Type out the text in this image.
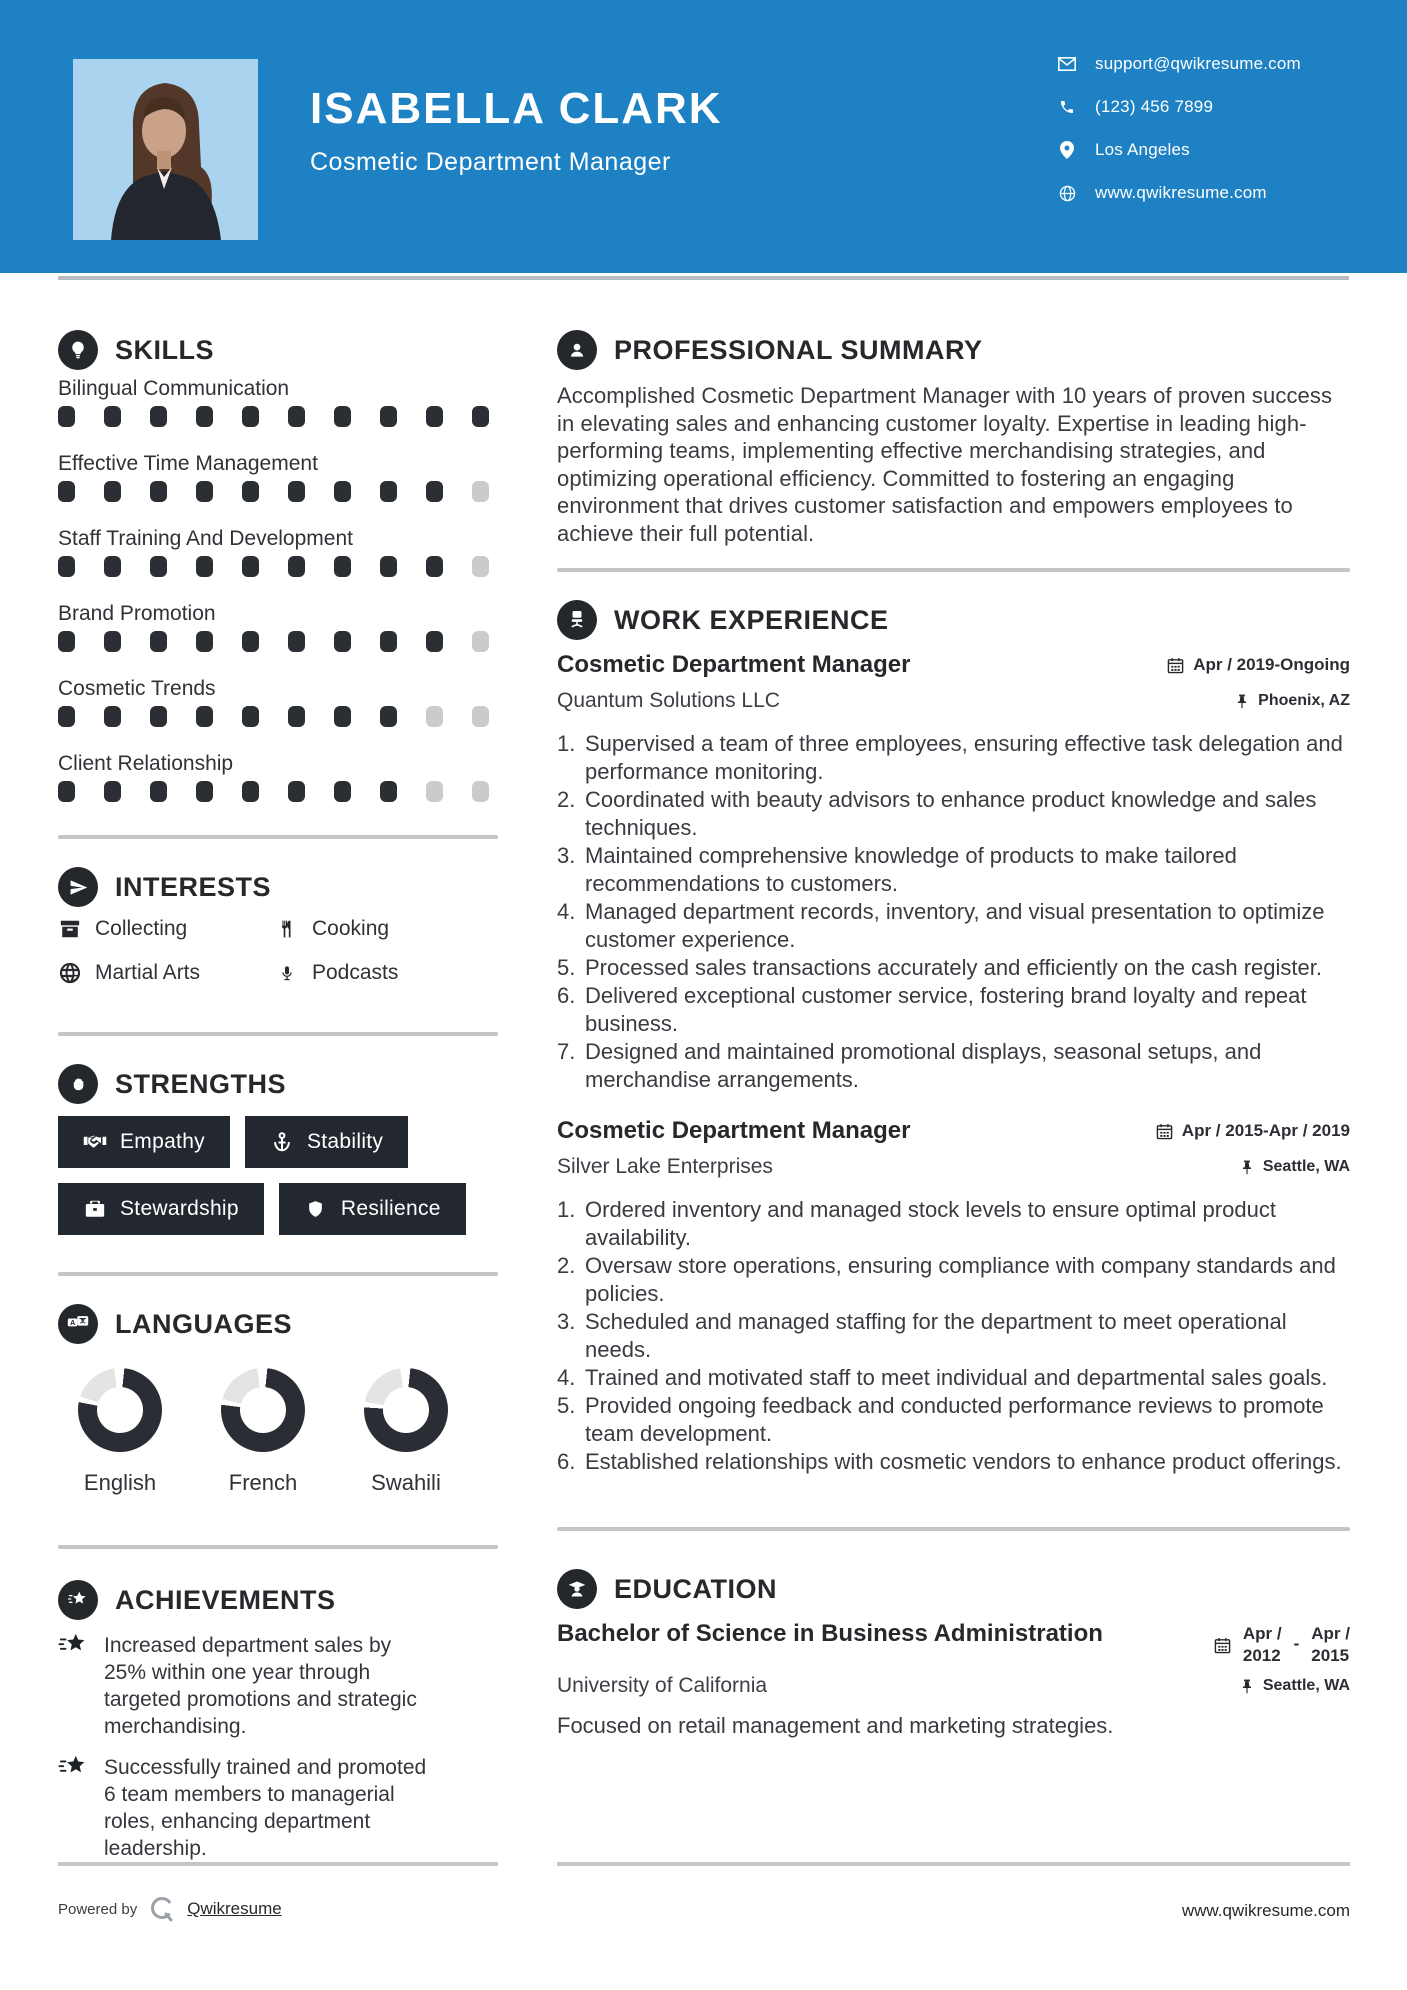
ISABELLA CLARK
Cosmetic Department Manager
support@qwikresume.com
(123) 456 7899
Los Angeles
www.qwikresume.com
SKILLS
Bilingual Communication
Effective Time Management
Staff Training And Development
Brand Promotion
Cosmetic Trends
Client Relationship
INTERESTS
Collecting	Cooking
Martial Arts	Podcasts
STRENGTHS
Empathy	Stability
Stewardship	Resilience
A LANGUAGES
English	French	Swahili
ACHIEVEMENTS
Increased department sales by 25% within one year through targeted promotions and strategic merchandising.
Successfully trained and promoted 6 team members to managerial roles, enhancing department leadership.
PROFESSIONAL SUMMARY
Accomplished Cosmetic Department Manager with 10 years of proven success in elevating sales and enhancing customer loyalty. Expertise in leading high-performing teams, implementing effective merchandising strategies, and optimizing operational efficiency. Committed to fostering an engaging environment that drives customer satisfaction and empowers employees to achieve their full potential.
WORK EXPERIENCE
Cosmetic Department Manager	Apr / 2019-Ongoing
Quantum Solutions LLC	Phoenix, AZ
Supervised a team of three employees, ensuring effective task delegation and performance monitoring.
Coordinated with beauty advisors to enhance product knowledge and sales techniques.
Maintained comprehensive knowledge of products to make tailored recommendations to customers.
Managed department records, inventory, and visual presentation to optimize customer experience.
Processed sales transactions accurately and efficiently on the cash register.
Delivered exceptional customer service, fostering brand loyalty and repeat business.
Designed and maintained promotional displays, seasonal setups, and merchandise arrangements.
Cosmetic Department Manager	Apr / 2015-Apr / 2019
Silver Lake Enterprises	Seattle, WA
Ordered inventory and managed stock levels to ensure optimal product availability.
Oversaw store operations, ensuring compliance with company standards and policies.
Scheduled and managed staffing for the department to meet operational needs.
Trained and motivated staff to meet individual and departmental sales goals.
Provided ongoing feedback and conducted performance reviews to promote team development.
Established relationships with cosmetic vendors to enhance product offerings.
EDUCATION
Bachelor of Science in Business Administration	Apr /
2012
-
Apr /
2015
University of California	Seattle, WA
Focused on retail management and marketing strategies.
Powered by	Qwikresume	www.qwikresume.com
